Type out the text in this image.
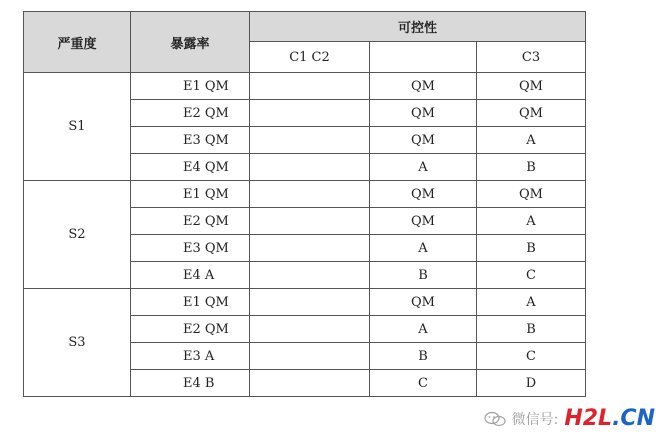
严重度	暴露率	可控性		
		C1 C2		C3
S1	E1 QM		QM	QM
	E2 QM		QM	QM
	E3 QM		QM	A
	E4 QM		A	B
S2	E1 QM		QM	QM
	E2 QM		QM	A
	E3 QM		A	B
	E4 A		B	C
S3	E1 QM		QM	A
	E2 QM		A	B
	E3 A		B	C
	E4 B		C	D
微信号: H2L.CN
